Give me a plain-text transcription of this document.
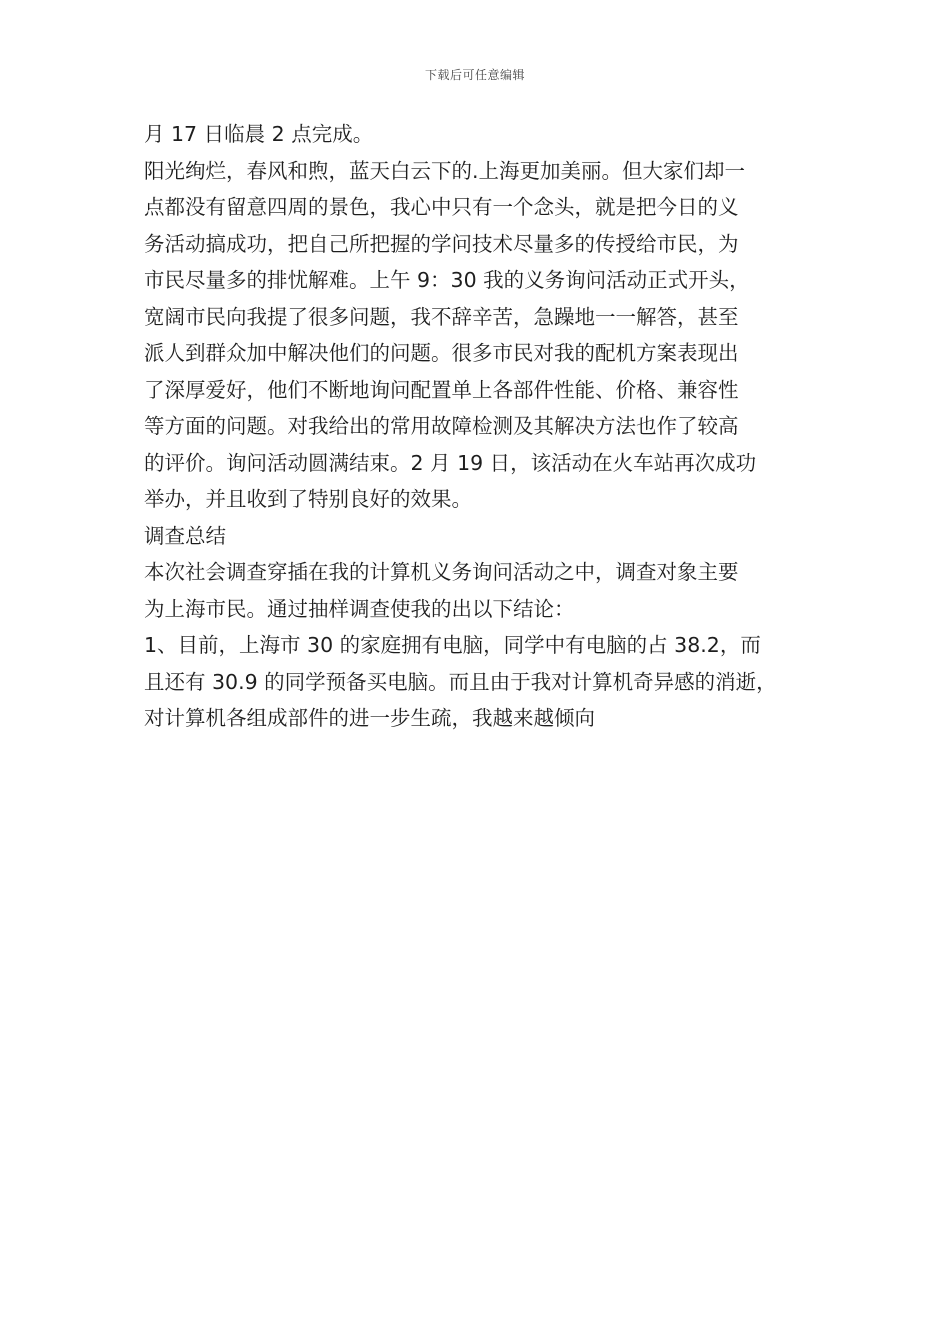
下载后可任意编辑
月 17 日临晨 2 点完成。
阳光绚烂，春风和煦，蓝天白云下的.上海更加美丽。但大家们却一
点都没有留意四周的景色，我心中只有一个念头，就是把今日的义
务活动搞成功，把自己所把握的学问技术尽量多的传授给市民，为
市民尽量多的排忧解难。上午 9：30 我的义务询问活动正式开头，
宽阔市民向我提了很多问题，我不辞辛苦，急躁地一一解答，甚至
派人到群众加中解决他们的问题。很多市民对我的配机方案表现出
了深厚爱好，他们不断地询问配置单上各部件性能、价格、兼容性
等方面的问题。对我给出的常用故障检测及其解决方法也作了较高
的评价。询问活动圆满结束。2 月 19 日，该活动在火车站再次成功
举办，并且收到了特别良好的效果。
调查总结
本次社会调查穿插在我的计算机义务询问活动之中，调查对象主要
为上海市民。通过抽样调查使我的出以下结论：
1、目前，上海市 30 的家庭拥有电脑，同学中有电脑的占 38.2，而
且还有 30.9 的同学预备买电脑。而且由于我对计算机奇异感的消逝，
对计算机各组成部件的进一步生疏，我越来越倾向
